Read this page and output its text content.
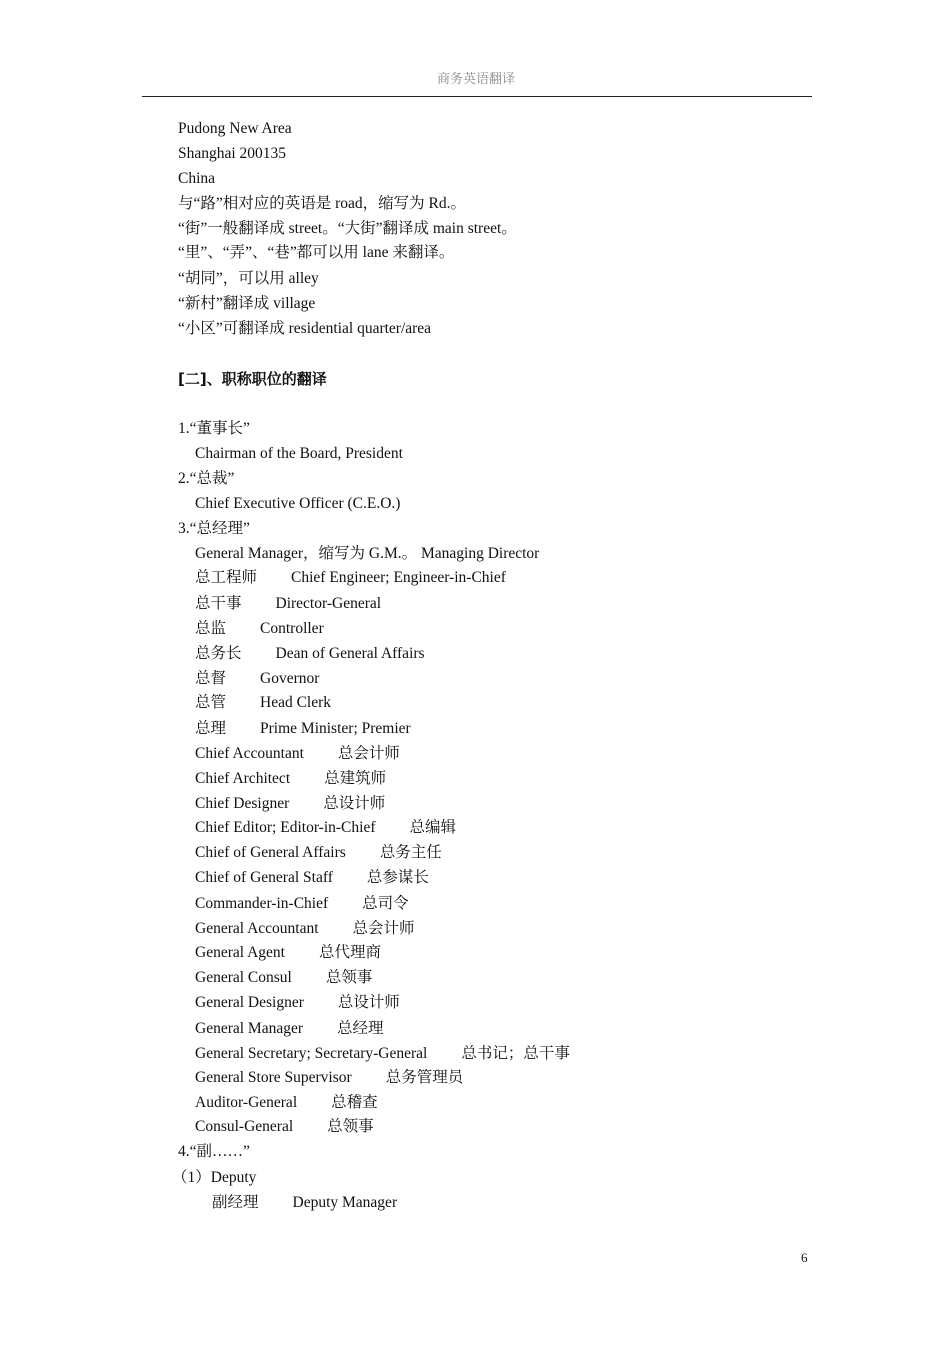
商务英语翻译
Pudong New Area
Shanghai 200135
China
与“路”相对应的英语是 road，缩写为 Rd.。
“街”一般翻译成 street。“大街”翻译成 main street。
“里”、“弄”、“巷”都可以用 lane 来翻译。
“胡同”，可以用 alley
“新村”翻译成 village
“小区”可翻译成 residential quarter/area
[二]、职称职位的翻译
1.“董事长”
Chairman of the Board, President
2.“总裁”
Chief Executive Officer (C.E.O.)
3.“总经理”
General Manager，缩写为 G.M.。 Managing Director
总工程师 Chief Engineer; Engineer-in-Chief
总干事 Director-General
总监 Controller
总务长 Dean of General Affairs
总督 Governor
总管 Head Clerk
总理 Prime Minister; Premier
Chief Accountant 总会计师
Chief Architect 总建筑师
Chief Designer 总设计师
Chief Editor; Editor-in-Chief 总编辑
Chief of General Affairs 总务主任
Chief of General Staff 总参谋长
Commander-in-Chief 总司令
General Accountant 总会计师
General Agent 总代理商
General Consul 总领事
General Designer 总设计师
General Manager 总经理
General Secretary; Secretary-General 总书记；总干事
General Store Supervisor 总务管理员
Auditor-General 总稽查
Consul-General 总领事
4.“副……”
（1）Deputy
副经理 Deputy Manager
6
